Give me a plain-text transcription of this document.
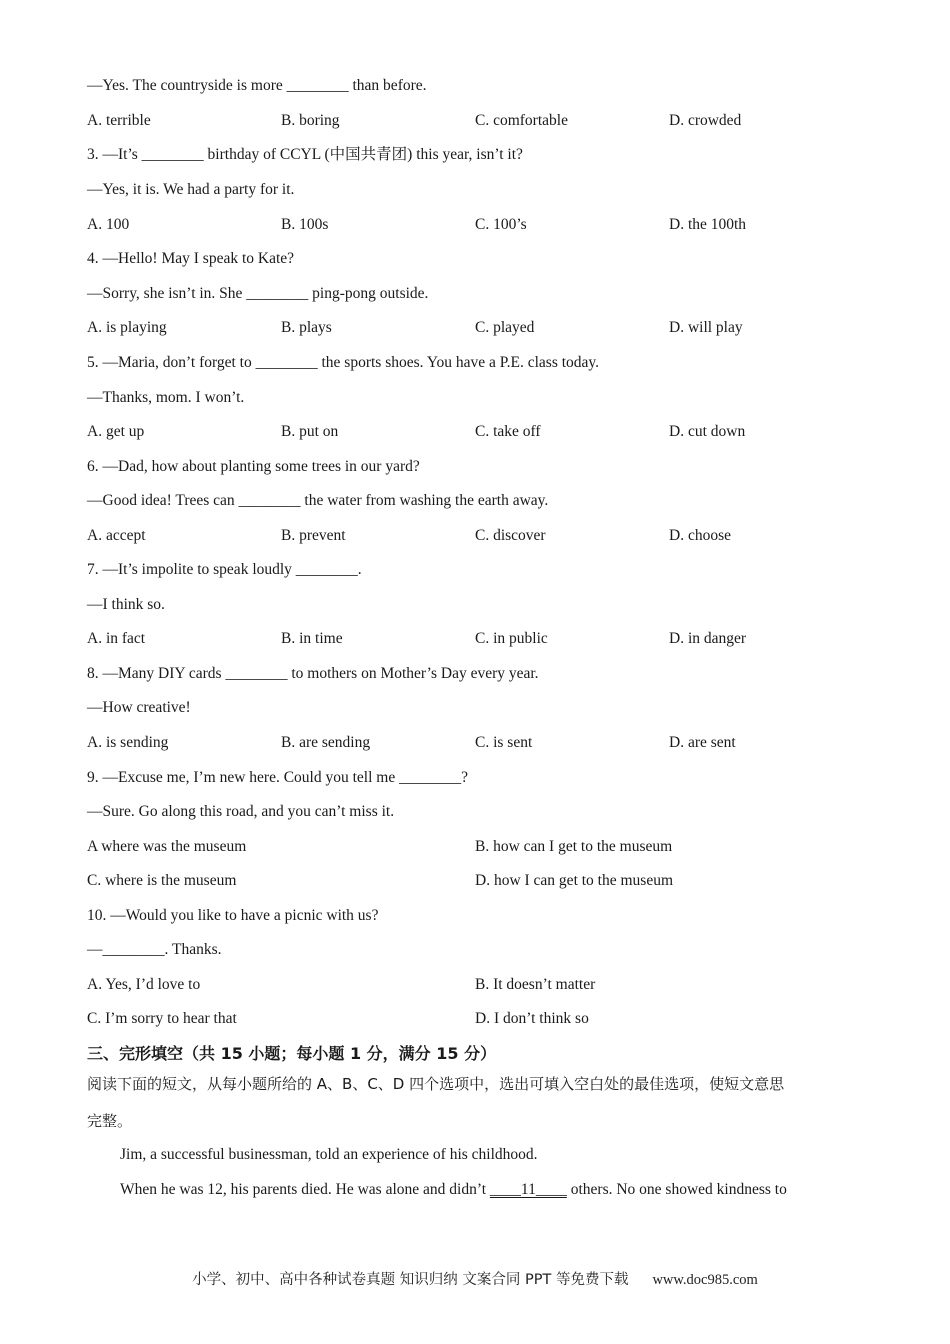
—Yes. The countryside is more ________ than before.
A. terrible	B. boring	C. comfortable	D. crowded
3. —It’s ________ birthday of CCYL (中国共青团) this year, isn’t it?
—Yes, it is. We had a party for it.
A. 100	B. 100s	C. 100’s	D. the 100th
4. —Hello! May I speak to Kate?
—Sorry, she isn’t in. She ________ ping-pong outside.
A. is playing	B. plays	C. played	D. will play
5. —Maria, don’t forget to ________ the sports shoes. You have a P.E. class today.
—Thanks, mom. I won’t.
A. get up	B. put on	C. take off	D. cut down
6. —Dad, how about planting some trees in our yard?
—Good idea! Trees can ________ the water from washing the earth away.
A. accept	B. prevent	C. discover	D. choose
7. —It’s impolite to speak loudly ________.
—I think so.
A. in fact	B. in time	C. in public	D. in danger
8. —Many DIY cards ________ to mothers on Mother’s Day every year.
—How creative!
A. is sending	B. are sending	C. is sent	D. are sent
9. —Excuse me, I’m new here. Could you tell me ________?
—Sure. Go along this road, and you can’t miss it.
A where was the museum	B. how can I get to the museum
C. where is the museum	D. how I can get to the museum
10. —Would you like to have a picnic with us?
—________. Thanks.
A. Yes, I’d love to	B. It doesn’t matter
C. I’m sorry to hear that	D. I don’t think so
三、完形填空（共 15 小题；每小题 1 分，满分 15 分）
阅读下面的短文，从每小题所给的 A、B、C、D 四个选项中，选出可填入空白处的最佳选项，使短文意思
完整。
Jim, a successful businessman, told an experience of his childhood.
When he was 12, his parents died. He was alone and didn’t ____11____ others. No one showed kindness to
小学、初中、高中各种试卷真题 知识归纳 文案合同 PPT 等免费下载 www.doc985.com
